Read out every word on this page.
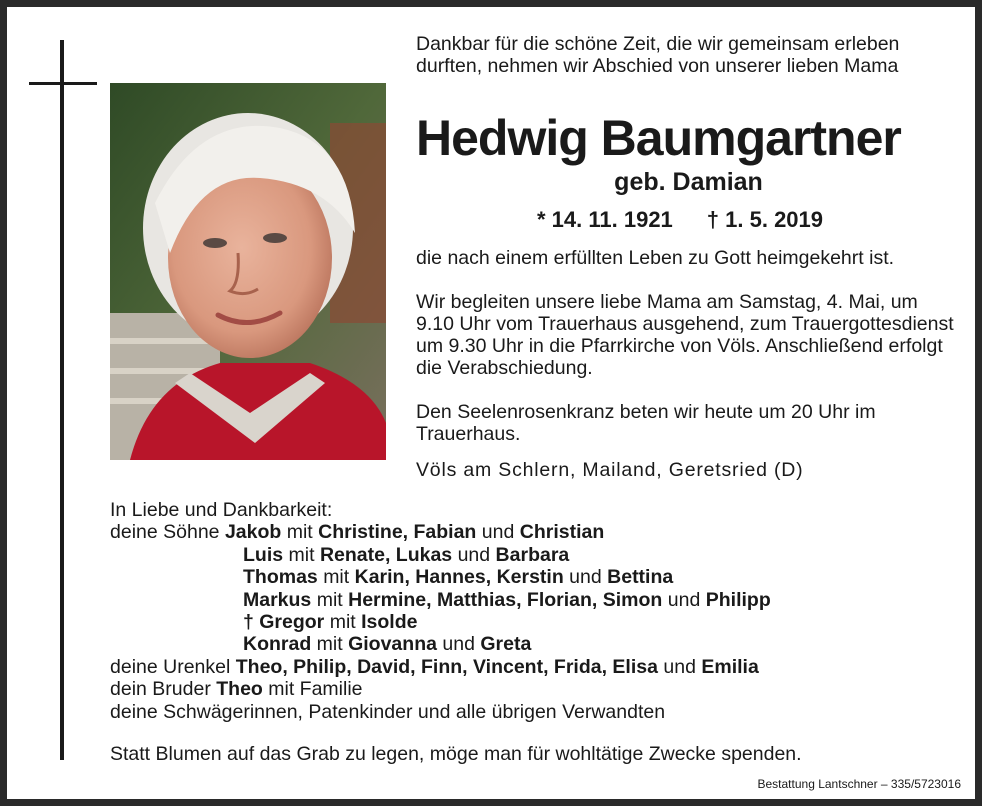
Dankbar für die schöne Zeit, die wir gemeinsam erleben durften, nehmen wir Abschied von unserer lieben Mama
Hedwig Baumgartner
geb. Damian
* 14. 11. 1921 † 1. 5. 2019
die nach einem erfüllten Leben zu Gott heimgekehrt ist.
Wir begleiten unsere liebe Mama am Samstag, 4. Mai, um 9.10 Uhr vom Trauerhaus ausgehend, zum Trauergottesdienst um 9.30 Uhr in die Pfarrkirche von Völs. Anschließend erfolgt die Verabschiedung.
Den Seelenrosenkranz beten wir heute um 20 Uhr im Trauerhaus.
Völs am Schlern, Mailand, Geretsried (D)
In Liebe und Dankbarkeit:
deine Söhne Jakob mit Christine, Fabian und Christian
Luis mit Renate, Lukas und Barbara
Thomas mit Karin, Hannes, Kerstin und Bettina
Markus mit Hermine, Matthias, Florian, Simon und Philipp
† Gregor mit Isolde
Konrad mit Giovanna und Greta
deine Urenkel Theo, Philip, David, Finn, Vincent, Frida, Elisa und Emilia
dein Bruder Theo mit Familie
deine Schwägerinnen, Patenkinder und alle übrigen Verwandten
Statt Blumen auf das Grab zu legen, möge man für wohltätige Zwecke spenden.
Bestattung Lantschner – 335/5723016
